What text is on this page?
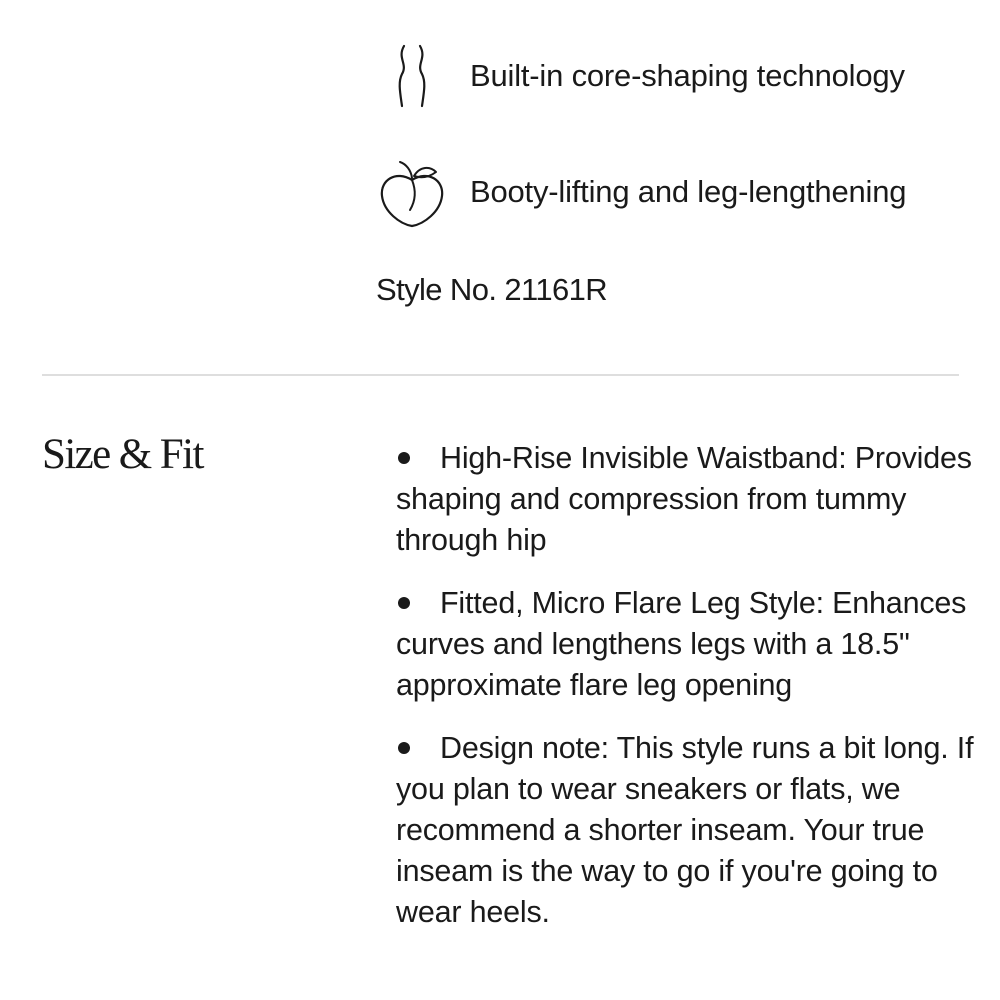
Built-in core-shaping technology
Booty-lifting and leg-lengthening
Style No. 21161R
Size & Fit	High-Rise Invisible Waistband: Provides shaping and compression from tummy through hip
Fitted, Micro Flare Leg Style: Enhances curves and lengthens legs with a 18.5" approximate flare leg opening
Design note: This style runs a bit long. If you plan to wear sneakers or flats, we recommend a shorter inseam. Your true inseam is the way to go if you're going to wear heels.
